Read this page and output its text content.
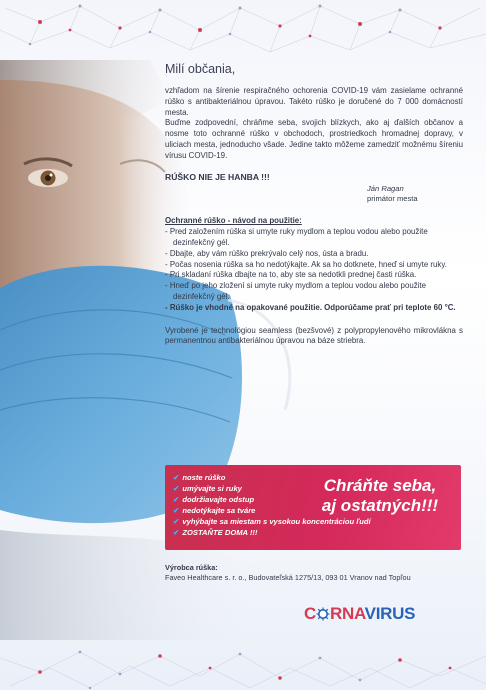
Milí občania,

vzhľadom na šírenie respiračného ochorenia COVID-19 vám zasielame ochranné rúško s antibakteriálnou úpravou. Takéto rúško je doručené do 7 000 domácností mesta.

Buďme zodpovední, chráňme seba, svojich blízkych, ako aj ďalších občanov a nosme toto ochranné rúško v obchodoch, prostriedkoch hromadnej dopravy, v uliciach mesta, jednoducho všade. Jedine takto môžeme zamedziť možnému šíreniu vírusu COVID-19.

RÚŠKO NIE JE HANBA !!!

Ján Ragan
primátor mesta

Ochranné rúško - návod na použitie:

- Pred založením rúška si umyte ruky mydlom a teplou vodou alebo použite dezinfekčný gél.
- Dbajte, aby vám rúško prekrývalo celý nos, ústa a bradu.
- Počas nosenia rúška sa ho nedotýkajte. Ak sa ho dotknete, hneď si umyte ruky.
- Pri skladaní rúška dbajte na to, aby ste sa nedotkli prednej časti rúška.
- Hneď po jeho zložení si umyte ruky mydlom a teplou vodou alebo použite dezinfekčný gél.
- Rúško je vhodné na opakované použitie. Odporúčame prať pri teplote 60 °C.

Vyrobené je technológiou seamless (bezšvové) z polypropylenového mikrovlákna s permanentnou antibakteriálnou úpravou na báze striebra.

✔ noste rúško
✔ umývajte si ruky
✔ dodržiavajte odstup
✔ nedotýkajte sa tváre
✔ vyhýbajte sa miestam s vysokou koncentráciou ľudí
✔ ZOSTAŇTE DOMA !!!
Chráňte seba,
aj ostatných!!!
Výrobca rúška:
Faveo Healthcare s. r. o., Budovateľská 1275/13, 093 01 Vranov nad Topľou
C RNAVIRUS
